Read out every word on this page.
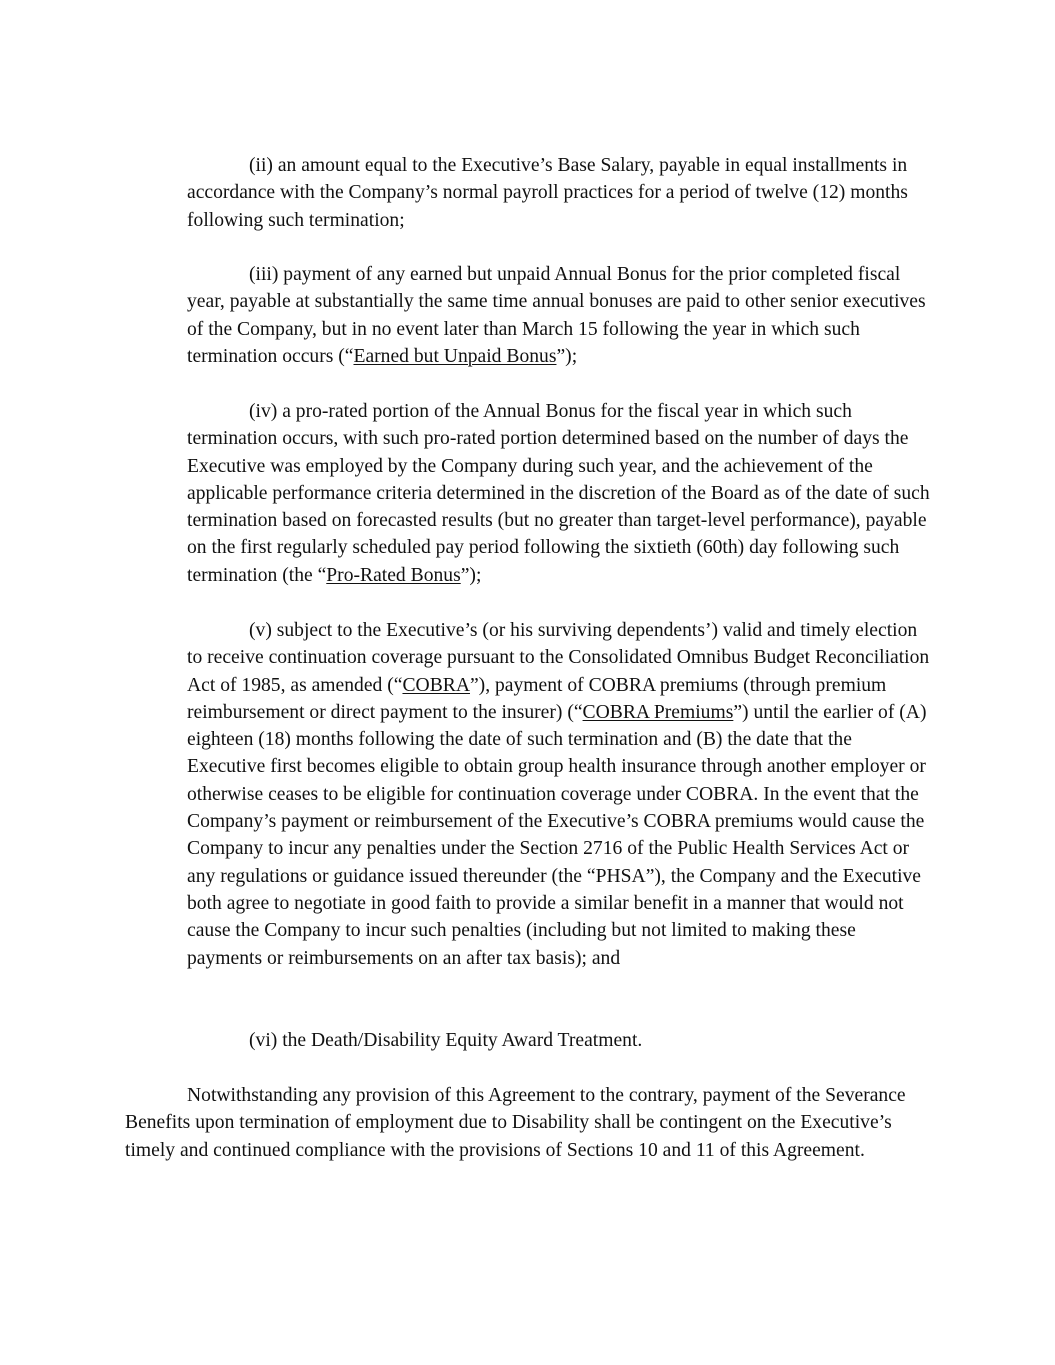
(ii) an amount equal to the Executive’s Base Salary, payable in equal installments in accordance with the Company’s normal payroll practices for a period of twelve (12) months following such termination;

(iii) payment of any earned but unpaid Annual Bonus for the prior completed fiscal year, payable at substantially the same time annual bonuses are paid to other senior executives of the Company, but in no event later than March 15 following the year in which such termination occurs (“Earned but Unpaid Bonus”);

(iv) a pro-rated portion of the Annual Bonus for the fiscal year in which such termination occurs, with such pro-rated portion determined based on the number of days the Executive was employed by the Company during such year, and the achievement of the applicable performance criteria determined in the discretion of the Board as of the date of such termination based on forecasted results (but no greater than target-level performance), payable on the first regularly scheduled pay period following the sixtieth (60th) day following such termination (the “Pro-Rated Bonus”);

(v) subject to the Executive’s (or his surviving dependents’) valid and timely election to receive continuation coverage pursuant to the Consolidated Omnibus Budget Reconciliation Act of 1985, as amended (“COBRA”), payment of COBRA premiums (through premium reimbursement or direct payment to the insurer) (“COBRA Premiums”) until the earlier of (A) eighteen (18) months following the date of such termination and (B) the date that the Executive first becomes eligible to obtain group health insurance through another employer or otherwise ceases to be eligible for continuation coverage under COBRA. In the event that the Company’s payment or reimbursement of the Executive’s COBRA premiums would cause the Company to incur any penalties under the Section 2716 of the Public Health Services Act or any regulations or guidance issued thereunder (the “PHSA”), the Company and the Executive both agree to negotiate in good faith to provide a similar benefit in a manner that would not cause the Company to incur such penalties (including but not limited to making these payments or reimbursements on an after tax basis); and

(vi) the Death/Disability Equity Award Treatment.

Notwithstanding any provision of this Agreement to the contrary, payment of the Severance Benefits upon termination of employment due to Disability shall be contingent on the Executive’s timely and continued compliance with the provisions of Sections 10 and 11 of this Agreement.
